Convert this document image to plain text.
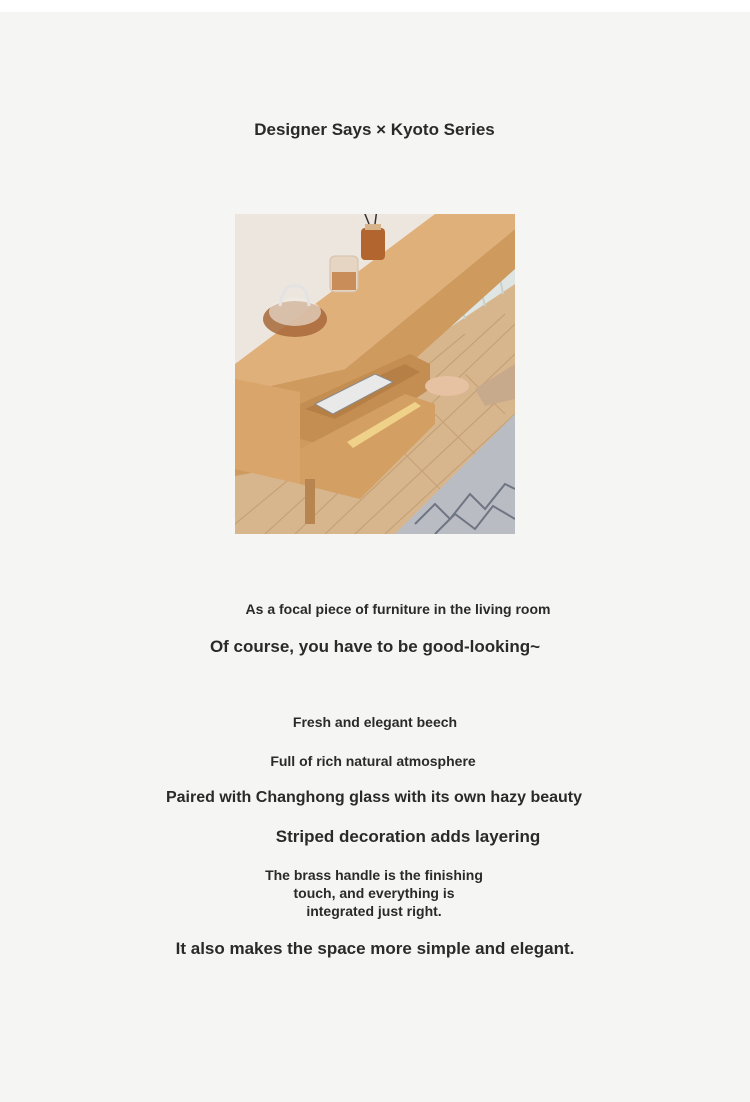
Designer Says × Kyoto Series
As a focal piece of furniture in the living room
Of course, you have to be good-looking~
Fresh and elegant beech
Full of rich natural atmosphere
Paired with Changhong glass with its own hazy beauty
Striped decoration adds layering
The brass handle is the finishing
touch, and everything is
integrated just right.
It also makes the space more simple and elegant.
